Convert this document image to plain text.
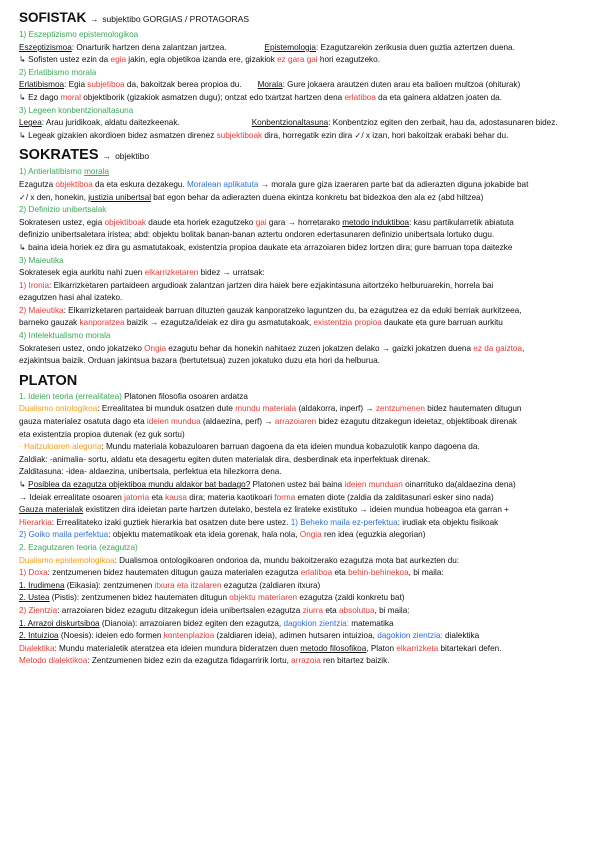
SOFISTAK → subjektibo GORGIAS / PROTAGORAS
1) Eszeptizismo epistemologikoa
Eszeptizismoa: Onarturik hartzen dena zalantzan jartzea.	Epistemologia: Ezagutzarekin zerikusia duen guztia aztertzen duena.
↳ Sofisten ustez ezin da egia jakin, egia objetikoa izanda ere, gizakiok ez gara gai hori ezagutzeko.
2) Erlatibismo morala
Erlatibismoa: Egia subjetiboa da, bakoitzak berea propioa du. Morala: Gure jokaera arautzen duten arau eta balioen multzoa (ohiturak)
↳ Ez dago moral objektiborik (gizakiok asmatzen dugu); ontzat edo txartzat hartzen dena erlatiboa da eta gainera aldatzen joaten da.
3) Legeen konbentzionaltasuna
Legea: Arau juridikoak, aldatu daitezkeenak.	Konbentzionaltasuna: Konbentzioz egiten den zerbait, hau da, adostasunaren bidez.
↳ Legeak gizakien akordioen bidez asmatzen direnez subjektiboak dira, horregatik ezin dira ✓/ x izan, hori bakoitzak erabaki behar du.
SOKRATES → objektibo
1) Antierlatibismo morala
Ezagutza objektiboa da eta eskura dezakegu. Moralean aplikatuta → morala gure giza izaeraren parte bat da adierazten diguna jokabide bat
✓/ x den, honekin, justizia unibertsal bat egon behar da adierazten duena ekintza konkretu bat bidezkoa den ala ez (abd hiltzea)
2) Definizio unibertsalak
Sokratesen ustez, egia objektiboak daude eta horiek ezagutzeko gai gara → horretarako metodo induktiboa: kasu partikularretik abiatuta
definizio unibertsaletara iristea; abd: objektu bolitak banan-banan aztertu ondoren edertasunaren definizio unibertsala lortuko dugu.
↳ baina ideia horiek ez dira gu asmatutakoak, existentzia propioa daukate eta arrazoiaren bidez lortzen dira; gure barruan topa daitezke
3) Maieutika
Sokratesek egia aurkitu nahi zuen elkarrizketaren bidez → urratsak:
1) Ironia: Elkarrizketaren partaideen argudioak zalantzan jartzen dira haiek bere ezjakintasuna aitortzeko helburuarekin, horrela bai
ezagutzen hasi ahal izateko.
2) Maieutika: Elkarrizketaren partaideak barruan dituzten gauzak kanporatzeko laguntzen du, ba ezagutzea ez da eduki berriak aurkitzeea,
barneko gauzak kanporatzea baizik → ezagutza/ideiak ez dira gu asmatutakoak, existentzia propioa daukate eta gure barruan aurkitu
4) Intelektualismo morala
Sokratesen ustez, ondo jokatzeko Ongia ezagutu behar da honekin nahitaez zuzen jokatzen delako → gaizki jokatzen duena ez da gaiztoa,
ezjakintsua baizik. Orduan jakintsua bazara (bertutetsua) zuzen jokatuko duzu eta hori da helburua.
PLATON
1. Ideien teoria (errealitatea) Platonen filosofia osoaren ardatza
Dualismo ontologikoa: Errealitatea bi munduk osatzen dute mundu materiala (aldakorra, inperf) → zentzumenen bidez hautematen ditugun
gauza materialez osatuta dago eta ideien mundua (aldaezina, perf) → arrazoiaren bidez ezagutu ditzakegun ideietaz, objektiboak direnak
eta existentzia propioa dutenak (ez guk sortu)
· Haitzuloaren alegoria: Mundu materiala kobazuloaren barruan dagoena da eta ideien mundua kobazulotik kanpo dagoena da.
Zaldiak: -animalia- sortu, aldatu eta desagertu egiten duten materialak dira, desberdinak eta inperfektuak direnak.
Zalditasuna: -idea- aldaezina, unibertsala, perfektua eta hilezkorra dena.
↳ Posiblea da ezagutza objektiboa mundu aldakor bat badago? Platonen ustez bai baina ideien munduan oinarrituko da(aldaezina dena)
→ Ideiak errealitate osoaren jatorria eta kausa dira; materia kaotikoari forma ematen diote (zaldia da zalditasunari esker sino nada)
Gauza materialak existitzen dira ideietan parte hartzen dutelako, bestela ez lirateke existituko → ideien mundua hobeagoa eta garran +
Hierarkia: Errealitateko izaki guztiek hierarkia bat osatzen dute bere ustez. 1) Beheko maila ez-perfektua: irudiak eta objektu fisikoak
2) Goiko maila perfektua: objektu matematikoak eta ideia gorenak, hala nola, Ongia ren idea (eguzkia alegorian)
2. Ezagutzaren teoria (ezagutza)
Dualismo epistemologikoa: Dualismoa ontologikoaren ondorioa da, mundu bakoitzerako ezagutza mota bat aurkezten du:
1) Doxa: zentzumenen bidez hautematen ditugun gauza materialen ezagutza erlatiboa eta behin-behinekoa, bi maila:
1. Irudimena (Eikasia): zentzumenen itxura eta itzalaren ezagutza (zaldiaren itxura)
2. Ustea (Pistis): zentzumenen bidez hautematen ditugun objektu materiaren ezagutza (zaldi konkretu bat)
2) Zientzia: arrazoiaren bidez ezagutu ditzakegun ideia unibertsalen ezagutza ziurra eta absolutua, bi maila:
1. Arrazoi diskurtsiboa (Dianoia): arrazoiaren bidez egiten den ezagutza, dagokion zientzia: matematika
2. Intuizioa (Noesis): ideien edo formen kontenplazioa (zaldiaren ideia), adimen hutsaren intuizioa, dagokion zientzia: dialektika
Dialektika: Mundu materialetik ateratzea eta ideien mundura bideratzen duen metodo filosofikoa, Platon elkarrizketa bitartekari defen.
Metodo dialektikoa: Zentzumenen bidez ezin da ezagutza fidagarririk lortu, arrazoia ren bitartez baizik.
